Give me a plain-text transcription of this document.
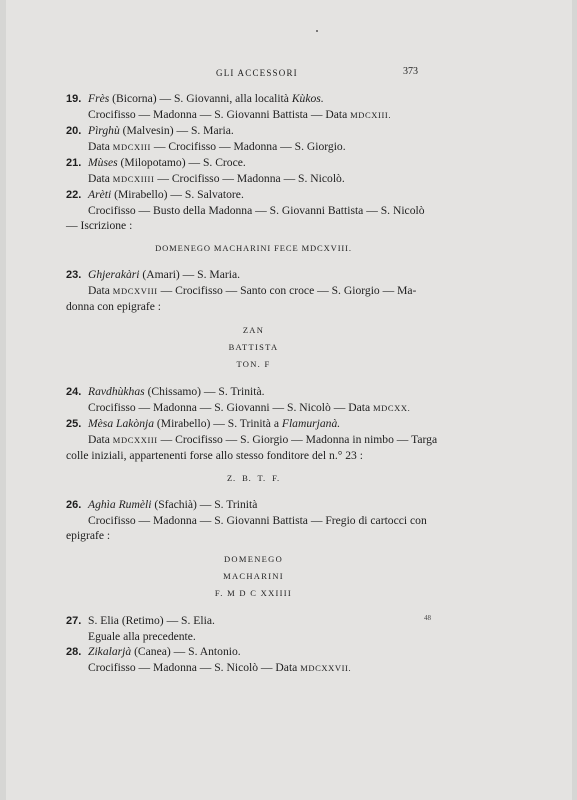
GLI ACCESSORI	373
19. Frès (Bicorna) — S. Giovanni, alla località Kùkos.
Crocifisso — Madonna — S. Giovanni Battista — Data MDCXIII.
20. Pìrghù (Malvesin) — S. Maria.
Data MDCXIII — Crocifisso — Madonna — S. Giorgio.
21. Mùses (Milopotamo) — S. Croce.
Data MDCXIIII — Crocifisso — Madonna — S. Nicolò.
22. Arèti (Mirabello) — S. Salvatore.
Crocifisso — Busto della Madonna — S. Giovanni Battista — S. Nicolò
— Iscrizione :
DOMENEGO MACHARINI FECE MDCXVIII.
23. Ghjerakàri (Amari) — S. Maria.
Data MDCXVIII — Crocifisso — Santo con croce — S. Giorgio — Ma-
donna con epigrafe :
ZAN
BATTISTA
TON. F
24. Ravdhùkhas (Chissamo) — S. Trinità.
Crocifisso — Madonna — S. Giovanni — S. Nicolò — Data MDCXX.
25. Mèsa Lakònja (Mirabello) — S. Trinità a Flamurjanà.
Data MDCXXIII — Crocifisso — S. Giorgio — Madonna in nimbo — Targa
colle iniziali, appartenenti forse allo stesso fonditore del n.° 23 :
Z. B. T. F.
26. Aghìa Rumèli (Sfachià) — S. Trinità
Crocifisso — Madonna — S. Giovanni Battista — Fregio di cartocci con
epigrafe :
DOMENEGO
MACHARINI
F. M D C XXIIII
27. S. Elia (Retimo) — S. Elia.
Eguale alla precedente.
28. Zikalarjà (Canea) — S. Antonio.
Crocifisso — Madonna — S. Nicolò — Data MDCXXVII.
48
